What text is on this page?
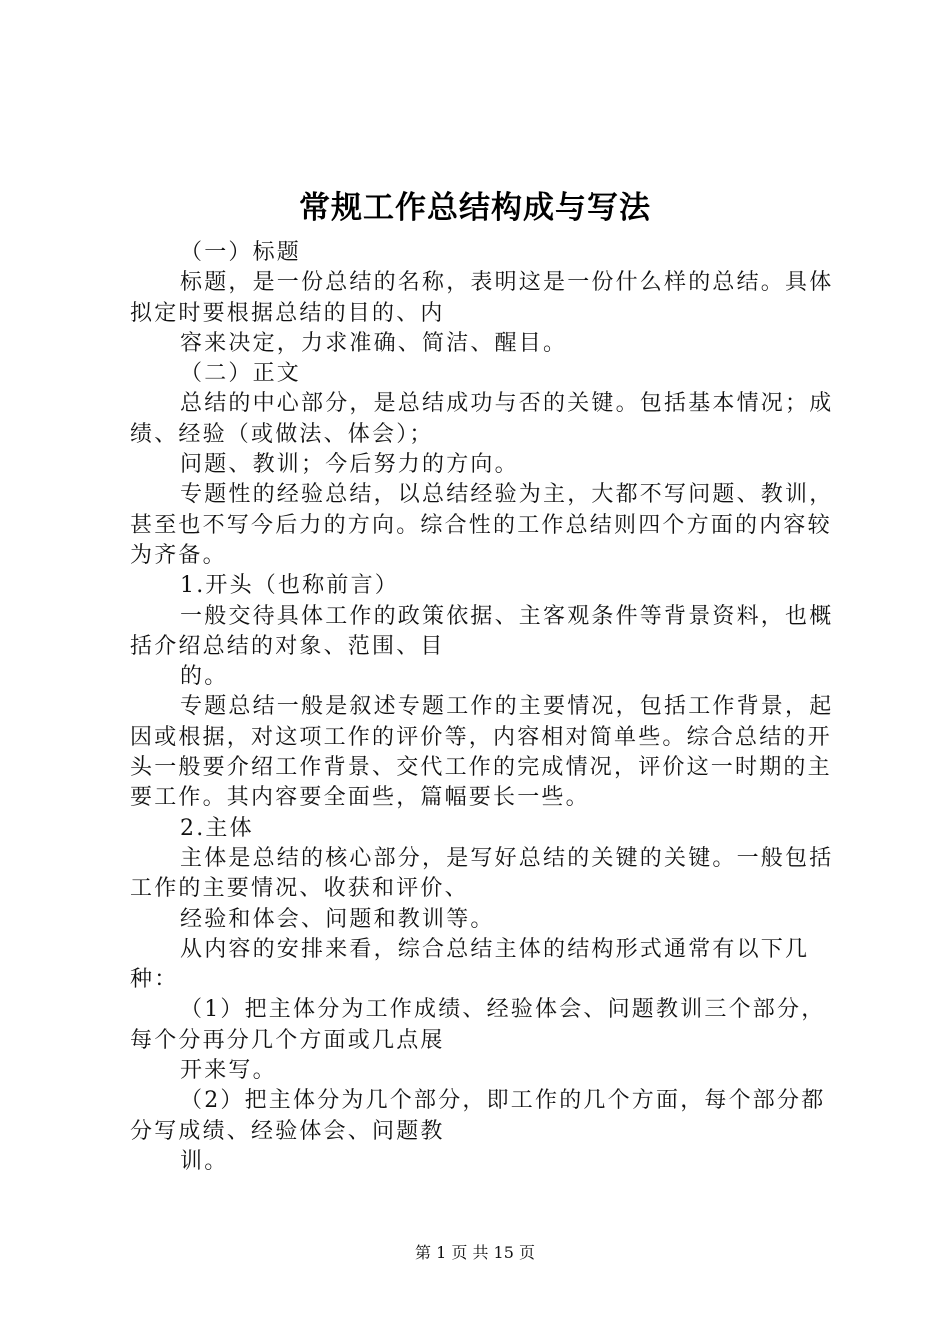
常规工作总结构成与写法

（一）标题

标题，是一份总结的名称，表明这是一份什么样的总结。具体拟定时要根据总结的目的、内

容来决定，力求准确、简洁、醒目。

（二）正文

总结的中心部分，是总结成功与否的关键。包括基本情况；成绩、经验（或做法、体会）；

问题、教训；今后努力的方向。

专题性的经验总结，以总结经验为主，大都不写问题、教训，甚至也不写今后力的方向。综合性的工作总结则四个方面的内容较为齐备。

1.开头（也称前言）

一般交待具体工作的政策依据、主客观条件等背景资料，也概括介绍总结的对象、范围、目

的。

专题总结一般是叙述专题工作的主要情况，包括工作背景，起因或根据，对这项工作的评价等，内容相对简单些。综合总结的开头一般要介绍工作背景、交代工作的完成情况，评价这一时期的主要工作。其内容要全面些，篇幅要长一些。

2.主体

主体是总结的核心部分，是写好总结的关键的关键。一般包括工作的主要情况、收获和评价、

经验和体会、问题和教训等。

从内容的安排来看，综合总结主体的结构形式通常有以下几种：

（1）把主体分为工作成绩、经验体会、问题教训三个部分，每个分再分几个方面或几点展

开来写。

（2）把主体分为几个部分，即工作的几个方面，每个部分都分写成绩、经验体会、问题教

训。

第 1 页 共 15 页
